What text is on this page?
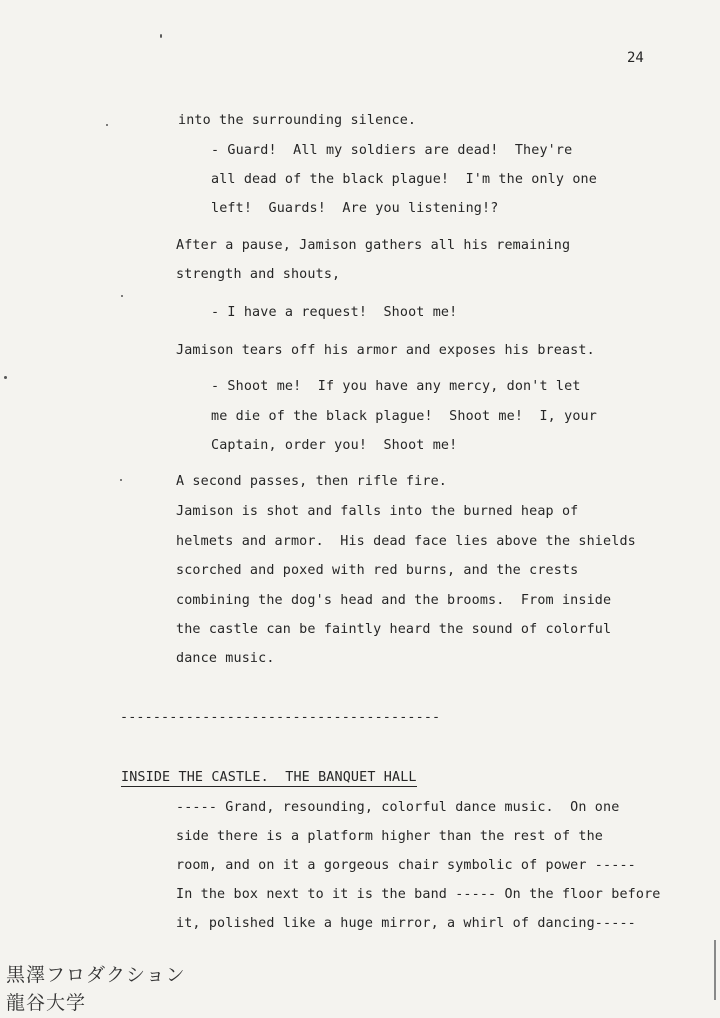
24
into the surrounding silence.
- Guard!  All my soldiers are dead!  They're
all dead of the black plague!  I'm the only one
left!  Guards!  Are you listening!?
After a pause, Jamison gathers all his remaining
strength and shouts,
- I have a request!  Shoot me!
Jamison tears off his armor and exposes his breast.
- Shoot me!  If you have any mercy, don't let
me die of the black plague!  Shoot me!  I, your
Captain, order you!  Shoot me!
A second passes, then rifle fire.
Jamison is shot and falls into the burned heap of
helmets and armor.  His dead face lies above the shields
scorched and poxed with red burns, and the crests
combining the dog's head and the brooms.  From inside
the castle can be faintly heard the sound of colorful
dance music.
---------------------------------------
INSIDE THE CASTLE.  THE BANQUET HALL
----- Grand, resounding, colorful dance music.  On one
side there is a platform higher than the rest of the
room, and on it a gorgeous chair symbolic of power -----
In the box next to it is the band ----- On the floor before
it, polished like a huge mirror, a whirl of dancing-----
黒澤フロダクション
龍谷大学
